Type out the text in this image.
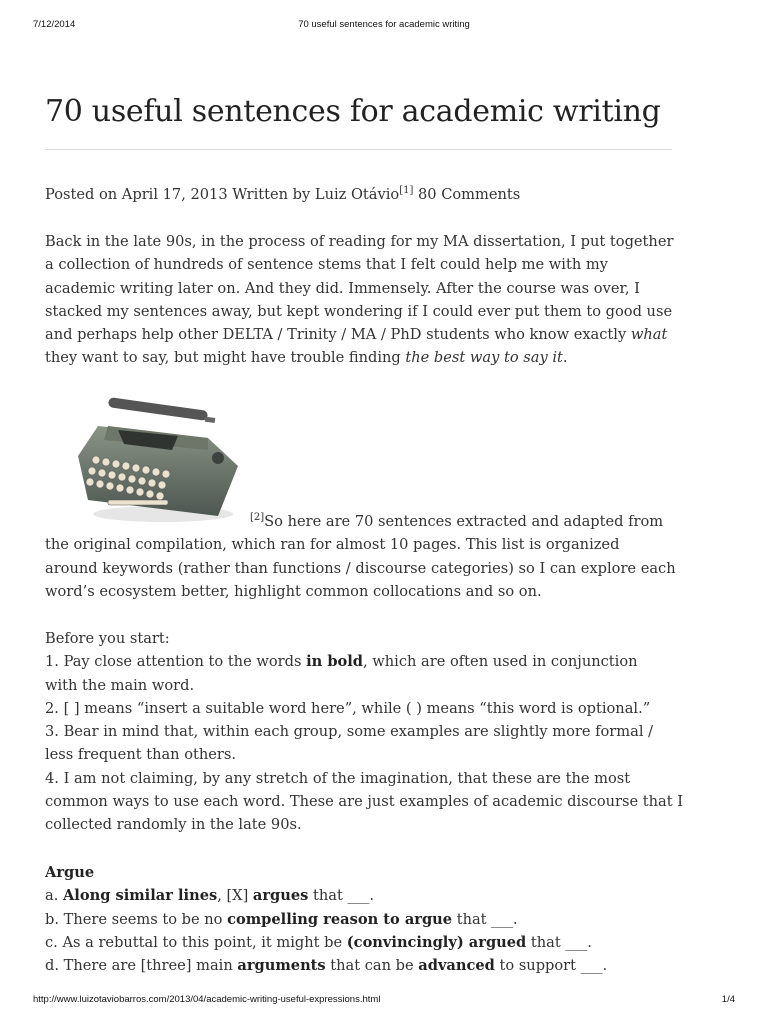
7/12/2014	70 useful sentences for academic writing
70 useful sentences for academic writing

Posted on April 17, 2013 Written by Luiz Otávio[1] 80 Comments

Back in the late 90s, in the process of reading for my MA dissertation, I put together

a collection of hundreds of sentence stems that I felt could help me with my

academic writing later on. And they did. Immensely. After the course was over, I

stacked my sentences away, but kept wondering if I could ever put them to good use

and perhaps help other DELTA / Trinity / MA / PhD students who know exactly what

they want to say, but might have trouble finding the best way to say it.

[2]So here are 70 sentences extracted and adapted from

the original compilation, which ran for almost 10 pages. This list is organized

around keywords (rather than functions / discourse categories) so I can explore each

word’s ecosystem better, highlight common collocations and so on.

Before you start:

1. Pay close attention to the words in bold, which are often used in conjunction

with the main word.

2. [ ] means “insert a suitable word here”, while ( ) means “this word is optional.”

3. Bear in mind that, within each group, some examples are slightly more formal /

less frequent than others.

4. I am not claiming, by any stretch of the imagination, that these are the most

common ways to use each word. These are just examples of academic discourse that I

collected randomly in the late 90s.

Argue

a. Along similar lines, [X] argues that ___.

b. There seems to be no compelling reason to argue that ___.

c. As a rebuttal to this point, it might be (convincingly) argued that ___.

d. There are [three] main arguments that can be advanced to support ___.

http://www.luizotaviobarros.com/2013/04/academic-writing-useful-expressions.html	1/4
